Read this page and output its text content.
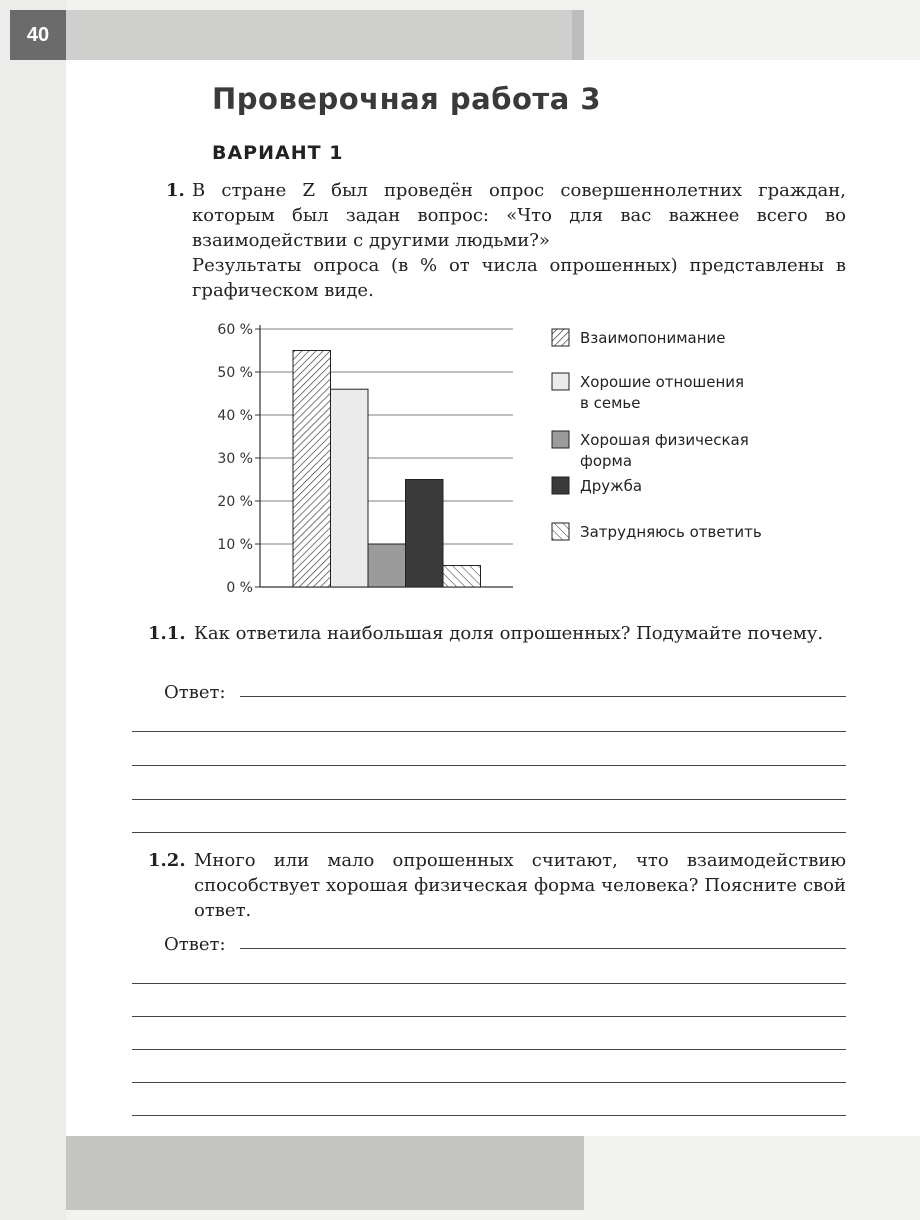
40
Проверочная работа 3
ВАРИАНТ 1
1. В стране Z был проведён опрос совершеннолетних граждан, которым был задан вопрос: «Что для вас важнее всего во взаимодействии с другими людьми?»

Результаты опроса (в % от числа опрошенных) представлены в графическом виде.

0 %
10 %
20 %
30 %
40 %
50 %
60 %	Взаимопонимание
Хорошие отношения
в семье
Хорошая физическая
форма
Дружба
Затрудняюсь ответить
1.1. Как ответила наибольшая доля опрошенных? Подумайте почему.
Ответ:
1.2. Много или мало опрошенных считают, что взаимодействию способствует хорошая физическая форма человека? Поясните свой ответ.
Ответ:
